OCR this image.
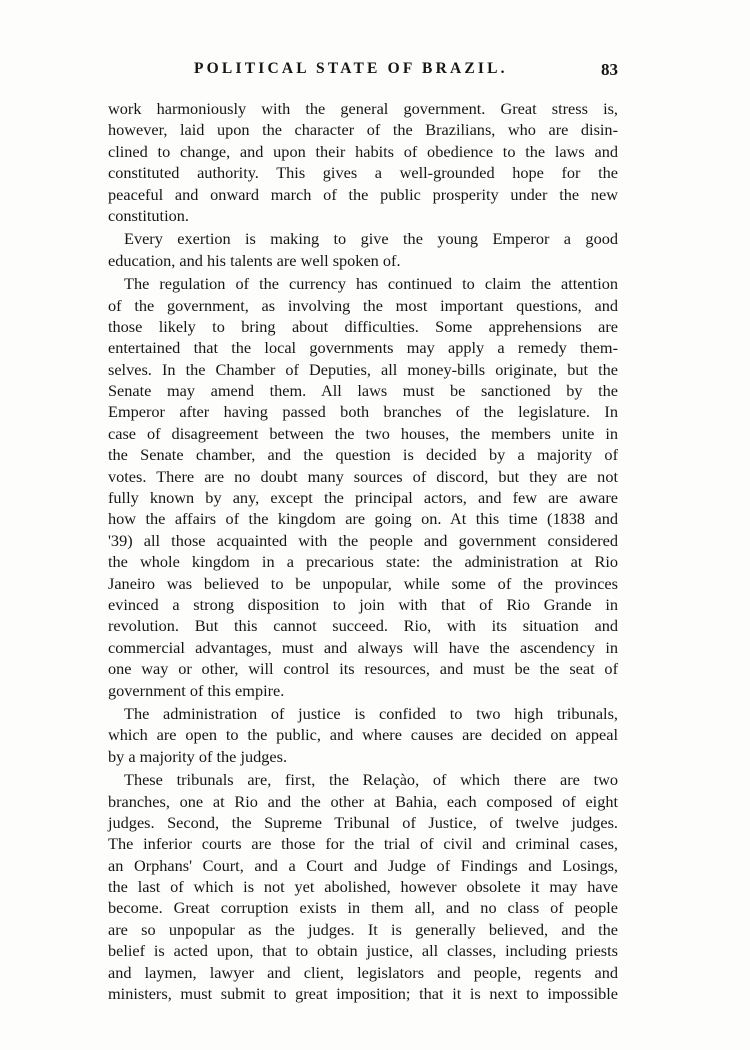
POLITICAL STATE OF BRAZIL.	83
work harmoniously with the general government. Great stress is,
however, laid upon the character of the Brazilians, who are disin-
clined to change, and upon their habits of obedience to the laws and
constituted authority. This gives a well-grounded hope for the
peaceful and onward march of the public prosperity under the new
constitution.
Every exertion is making to give the young Emperor a good
education, and his talents are well spoken of.
The regulation of the currency has continued to claim the attention
of the government, as involving the most important questions, and
those likely to bring about difficulties. Some apprehensions are
entertained that the local governments may apply a remedy them-
selves. In the Chamber of Deputies, all money-bills originate, but the
Senate may amend them. All laws must be sanctioned by the
Emperor after having passed both branches of the legislature. In
case of disagreement between the two houses, the members unite in
the Senate chamber, and the question is decided by a majority of
votes. There are no doubt many sources of discord, but they are not
fully known by any, except the principal actors, and few are aware
how the affairs of the kingdom are going on. At this time (1838 and
'39) all those acquainted with the people and government considered
the whole kingdom in a precarious state: the administration at Rio
Janeiro was believed to be unpopular, while some of the provinces
evinced a strong disposition to join with that of Rio Grande in
revolution. But this cannot succeed. Rio, with its situation and
commercial advantages, must and always will have the ascendency in
one way or other, will control its resources, and must be the seat of
government of this empire.
The administration of justice is confided to two high tribunals,
which are open to the public, and where causes are decided on appeal
by a majority of the judges.
These tribunals are, first, the Relaçào, of which there are two
branches, one at Rio and the other at Bahia, each composed of eight
judges. Second, the Supreme Tribunal of Justice, of twelve judges.
The inferior courts are those for the trial of civil and criminal cases,
an Orphans' Court, and a Court and Judge of Findings and Losings,
the last of which is not yet abolished, however obsolete it may have
become. Great corruption exists in them all, and no class of people
are so unpopular as the judges. It is generally believed, and the
belief is acted upon, that to obtain justice, all classes, including priests
and laymen, lawyer and client, legislators and people, regents and
ministers, must submit to great imposition; that it is next to impossible
